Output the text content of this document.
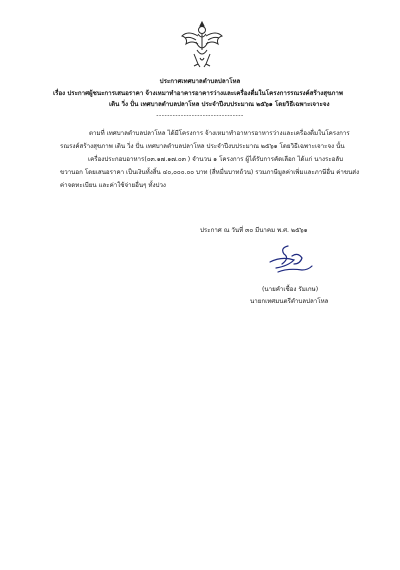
ประกาศเทศบาลตำบลปลาโหล
เรื่อง ประกาศผู้ชนะการเสนอราคา จ้างเหมาทำอาคารอาคารว่างและเครื่องดื่มในโครงการรณรงค์สร้างสุขภาพ
เดิน วิ่ง ปั่น เทศบาลตำบลปลาโหล ประจำปีงบประมาณ ๒๕๖๑ โดยวิธีเฉพาะเจาะจง
--------------------------------
ตามที่ เทศบาลตำบลปลาโหล ได้มีโครงการ จ้างเหมาทำอาหารอาหารว่างและเครื่องดื่มในโครงการ
รณรงค์สร้างสุขภาพ เดิน วิ่ง ปั่น เทศบาลตำบลปลาโหล ประจำปีงบประมาณ ๒๕๖๑ โดยวิธีเฉพาะเจาะจง นั้น
เครื่องประกอบอาหาร(๐๓.๑๗.๑๗.๐๓ ) จำนวน ๑ โครงการ ผู้ได้รับการคัดเลือก ได้แก่ นางระอลับ
ขวานอก โดยเสนอราคา เป็นเงินทั้งสิ้น ๔๐,๐๐๐.๐๐ บาท (สี่หมื่นบาทถ้วน) รวมภาษีมูลค่าเพิ่มและภาษีอื่น ค่าขนส่ง
ค่าจดทะเบียน และค่าใช้จ่ายอื่นๆ ทั้งปวง
ประกาศ ณ วันที่ ๓๐ มีนาคม พ.ศ. ๒๕๖๑
(นายคำเชื้อง รัมเกษ)
นายกเทศมนตรีตำบลปลาโหล
